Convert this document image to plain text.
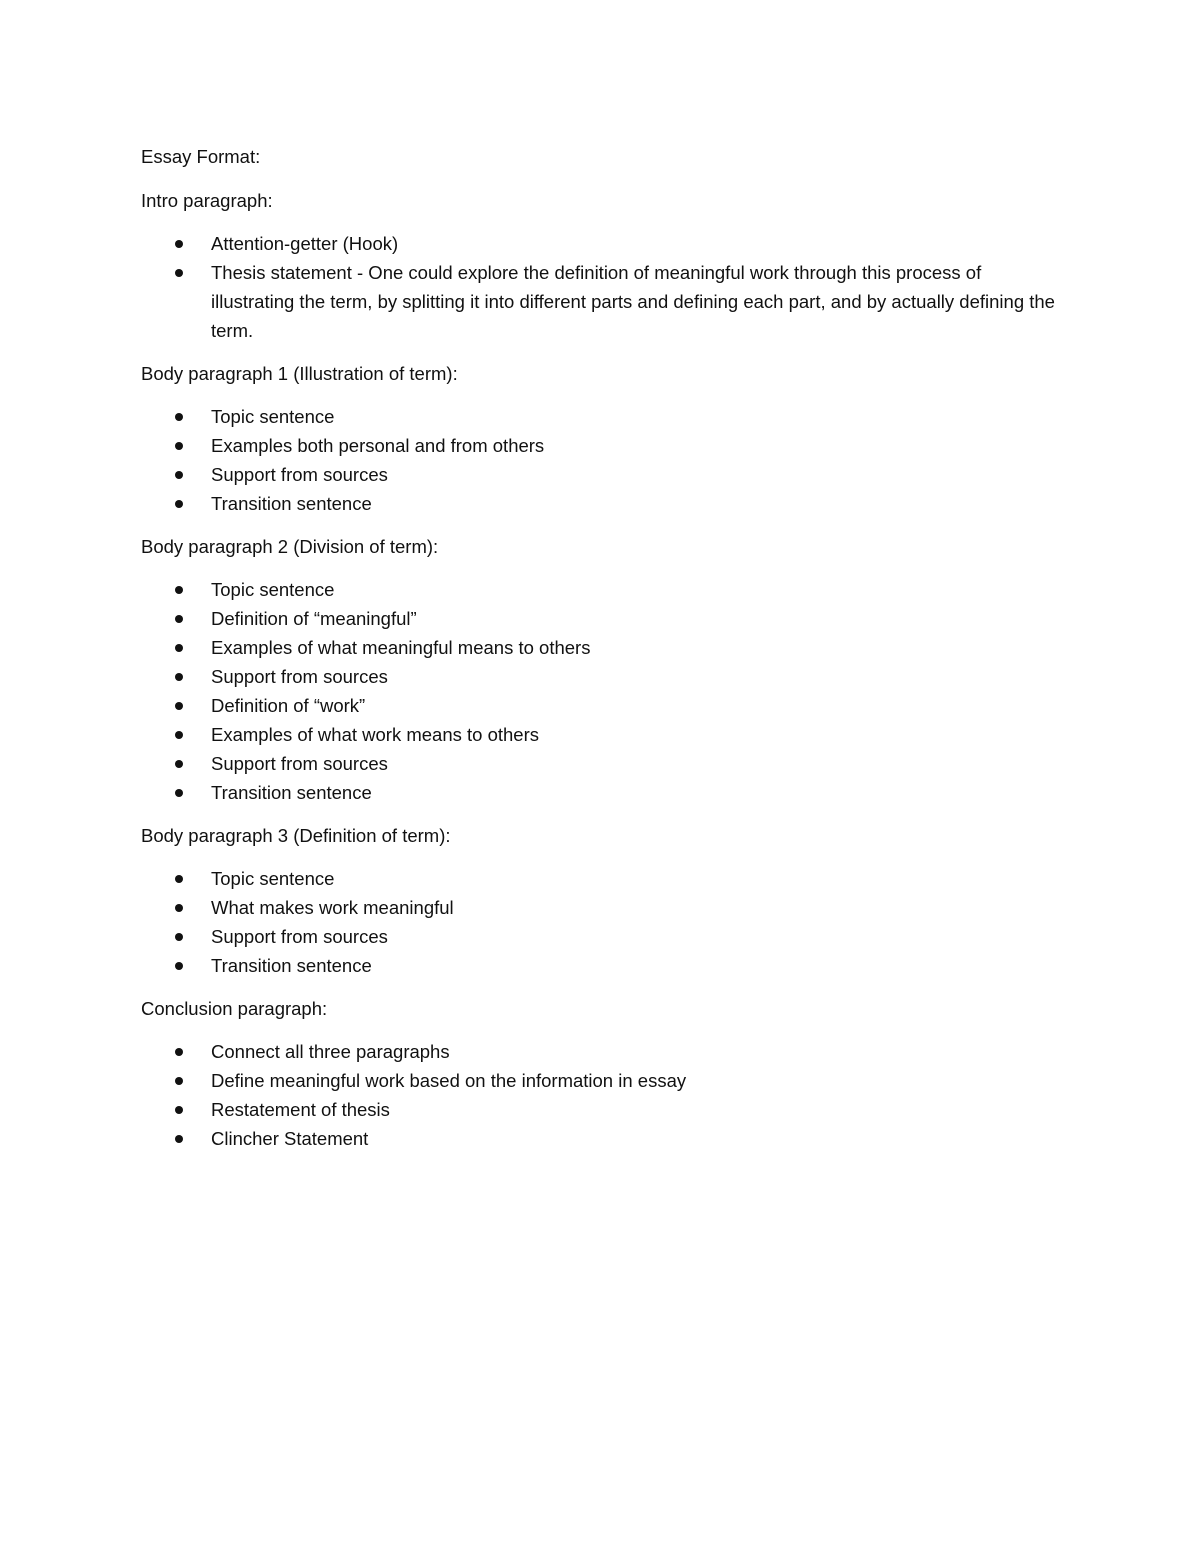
Essay Format:
Intro paragraph:
Attention-getter (Hook)
Thesis statement - One could explore the definition of meaningful work through this process of illustrating the term, by splitting it into different parts and defining each part, and by actually defining the term.
Body paragraph 1 (Illustration of term):
Topic sentence
Examples both personal and from others
Support from sources
Transition sentence
Body paragraph 2 (Division of term):
Topic sentence
Definition of “meaningful”
Examples of what meaningful means to others
Support from sources
Definition of “work”
Examples of what work means to others
Support from sources
Transition sentence
Body paragraph 3 (Definition of term):
Topic sentence
What makes work meaningful
Support from sources
Transition sentence
Conclusion paragraph:
Connect all three paragraphs
Define meaningful work based on the information in essay
Restatement of thesis
Clincher Statement
